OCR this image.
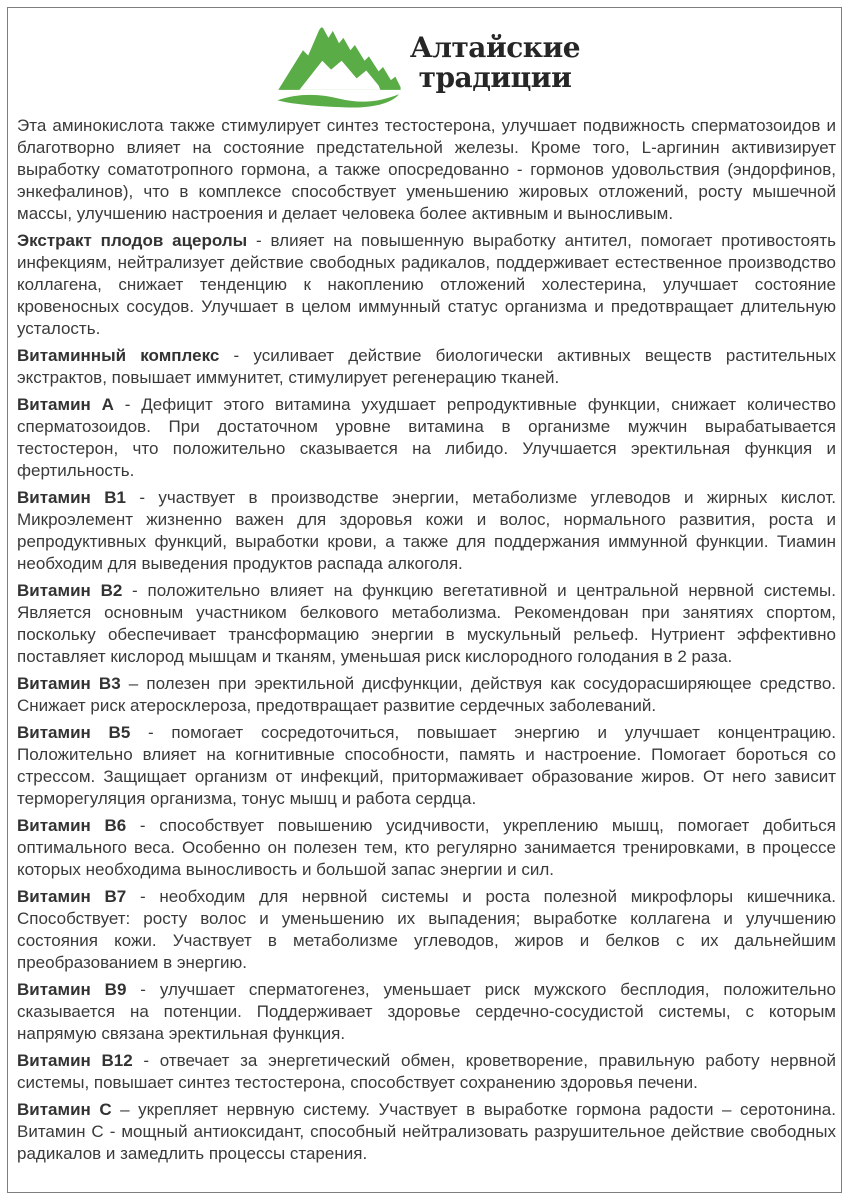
Алтайские
традиции

Эта аминокислота также стимулирует синтез тестостерона, улучшает подвижность сперматозоидов и благотворно влияет на состояние предстательной железы. Кроме того, L-аргинин активизирует выработку соматотропного гормона, а также опосредованно - гормонов удовольствия (эндорфинов, энкефалинов), что в комплексе способствует уменьшению жировых отложений, росту мышечной массы, улучшению настроения и делает человека более активным и выносливым.

Экстракт плодов ацеролы - влияет на повышенную выработку антител, помогает противостоять инфекциям, нейтрализует действие свободных радикалов, поддерживает естественное производство коллагена, снижает тенденцию к накоплению отложений холестерина, улучшает состояние кровеносных сосудов. Улучшает в целом иммунный статус организма и предотвращает длительную усталость.

Витаминный комплекс - усиливает действие биологически активных веществ растительных экстрактов, повышает иммунитет, стимулирует регенерацию тканей.

Витамин А - Дефицит этого витамина ухудшает репродуктивные функции, снижает количество сперматозоидов. При достаточном уровне витамина в организме мужчин вырабатывается тестостерон, что положительно сказывается на либидо. Улучшается эректильная функция и фертильность.

Витамин В1 - участвует в производстве энергии, метаболизме углеводов и жирных кислот. Микроэлемент жизненно важен для здоровья кожи и волос, нормального развития, роста и репродуктивных функций, выработки крови, а также для поддержания иммунной функции. Тиамин необходим для выведения продуктов распада алкоголя.

Витамин В2 - положительно влияет на функцию вегетативной и центральной нервной системы. Является основным участником белкового метаболизма. Рекомендован при занятиях спортом, поскольку обеспечивает трансформацию энергии в мускульный рельеф. Нутриент эффективно поставляет кислород мышцам и тканям, уменьшая риск кислородного голодания в 2 раза.

Витамин В3 – полезен при эректильной дисфункции, действуя как сосудорасширяющее средство. Снижает риск атеросклероза, предотвращает развитие сердечных заболеваний.

Витамин В5 - помогает сосредоточиться, повышает энергию и улучшает концентрацию. Положительно влияет на когнитивные способности, память и настроение. Помогает бороться со стрессом. Защищает организм от инфекций, притормаживает образование жиров. От него зависит терморегуляция организма, тонус мышц и работа сердца.

Витамин В6 - способствует повышению усидчивости, укреплению мышц, помогает добиться оптимального веса. Особенно он полезен тем, кто регулярно занимается тренировками, в процессе которых необходима выносливость и большой запас энергии и сил.

Витамин В7 - необходим для нервной системы и роста полезной микрофлоры кишечника. Способствует: росту волос и уменьшению их выпадения; выработке коллагена и улучшению состояния кожи. Участвует в метаболизме углеводов, жиров и белков с их дальнейшим преобразованием в энергию.

Витамин В9 - улучшает сперматогенез, уменьшает риск мужского бесплодия, положительно сказывается на потенции. Поддерживает здоровье сердечно-сосудистой системы, с которым напрямую связана эректильная функция.

Витамин В12 - отвечает за энергетический обмен, кроветворение, правильную работу нервной системы, повышает синтез тестостерона, способствует сохранению здоровья печени.

Витамин С – укрепляет нервную систему. Участвует в выработке гормона радости – серотонина. Витамин С - мощный антиоксидант, способный нейтрализовать разрушительное действие свободных радикалов и замедлить процессы старения.
